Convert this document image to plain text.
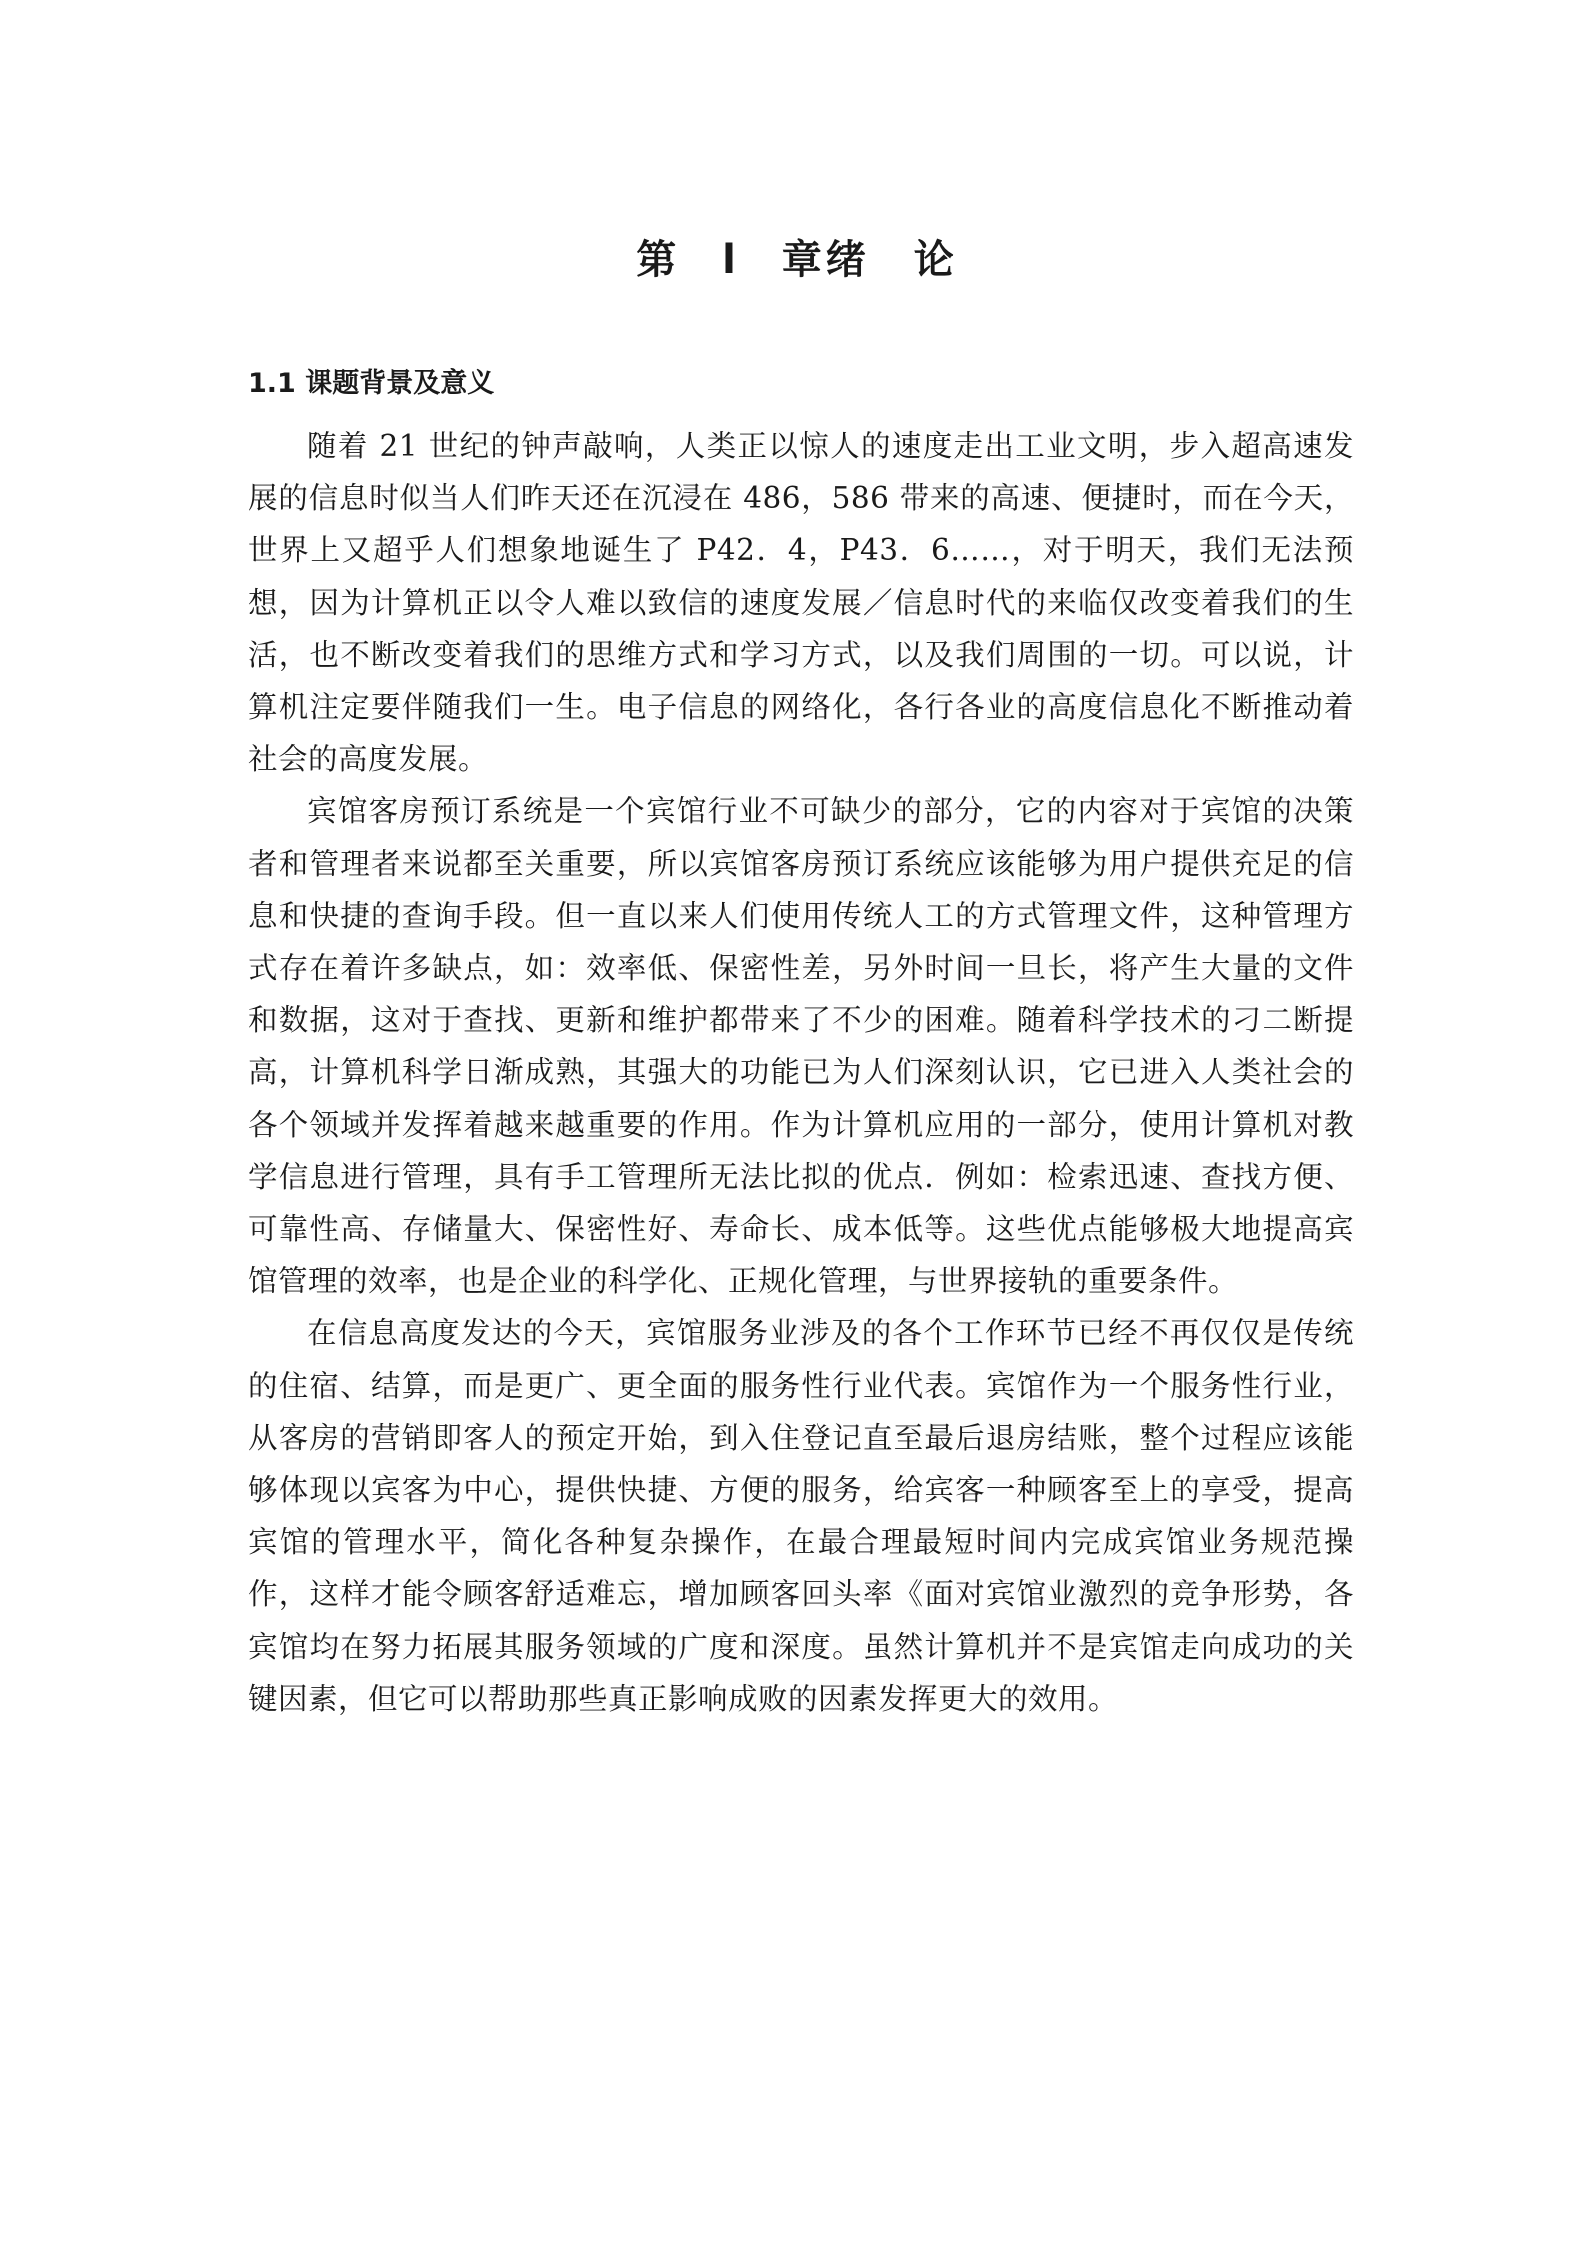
第 l 章绪　论
1.1 课题背景及意义

随着 21 世纪的钟声敲响，人类正以惊人的速度走出工业文明，步入超高速发展的信息时似当人们昨天还在沉浸在 486，586 带来的高速、便捷时，而在今天，世界上又超乎人们想象地诞生了 P42．4，P43．6……，对于明天，我们无法预想，因为计算机正以令人难以致信的速度发展／信息时代的来临仅改变着我们的生活，也不断改变着我们的思维方式和学习方式，以及我们周围的一切。可以说，计算机注定要伴随我们一生。电子信息的网络化，各行各业的高度信息化不断推动着社会的高度发展。

宾馆客房预订系统是一个宾馆行业不可缺少的部分，它的内容对于宾馆的决策者和管理者来说都至关重要，所以宾馆客房预订系统应该能够为用户提供充足的信息和快捷的查询手段。但一直以来人们使用传统人工的方式管理文件，这种管理方式存在着许多缺点，如：效率低、保密性差，另外时间一旦长，将产生大量的文件和数据，这对于查找、更新和维护都带来了不少的困难。随着科学技术的刁二断提高，计算机科学日渐成熟，其强大的功能已为人们深刻认识，它已进入人类社会的各个领域并发挥着越来越重要的作用。作为计算机应用的一部分，使用计算机对教学信息进行管理，具有手工管理所无法比拟的优点．例如：检索迅速、查找方便、可靠性高、存储量大、保密性好、寿命长、成本低等。这些优点能够极大地提高宾馆管理的效率，也是企业的科学化、正规化管理，与世界接轨的重要条件。

在信息高度发达的今天，宾馆服务业涉及的各个工作环节已经不再仅仅是传统的住宿、结算，而是更广、更全面的服务性行业代表。宾馆作为一个服务性行业，从客房的营销即客人的预定开始，到入住登记直至最后退房结账，整个过程应该能够体现以宾客为中心，提供快捷、方便的服务，给宾客一种顾客至上的享受，提高宾馆的管理水平，简化各种复杂操作，在最合理最短时间内完成宾馆业务规范操作，这样才能令顾客舒适难忘，增加顾客回头率《面对宾馆业激烈的竞争形势，各宾馆均在努力拓展其服务领域的广度和深度。虽然计算机并不是宾馆走向成功的关键因素，但它可以帮助那些真正影响成败的因素发挥更大的效用。
